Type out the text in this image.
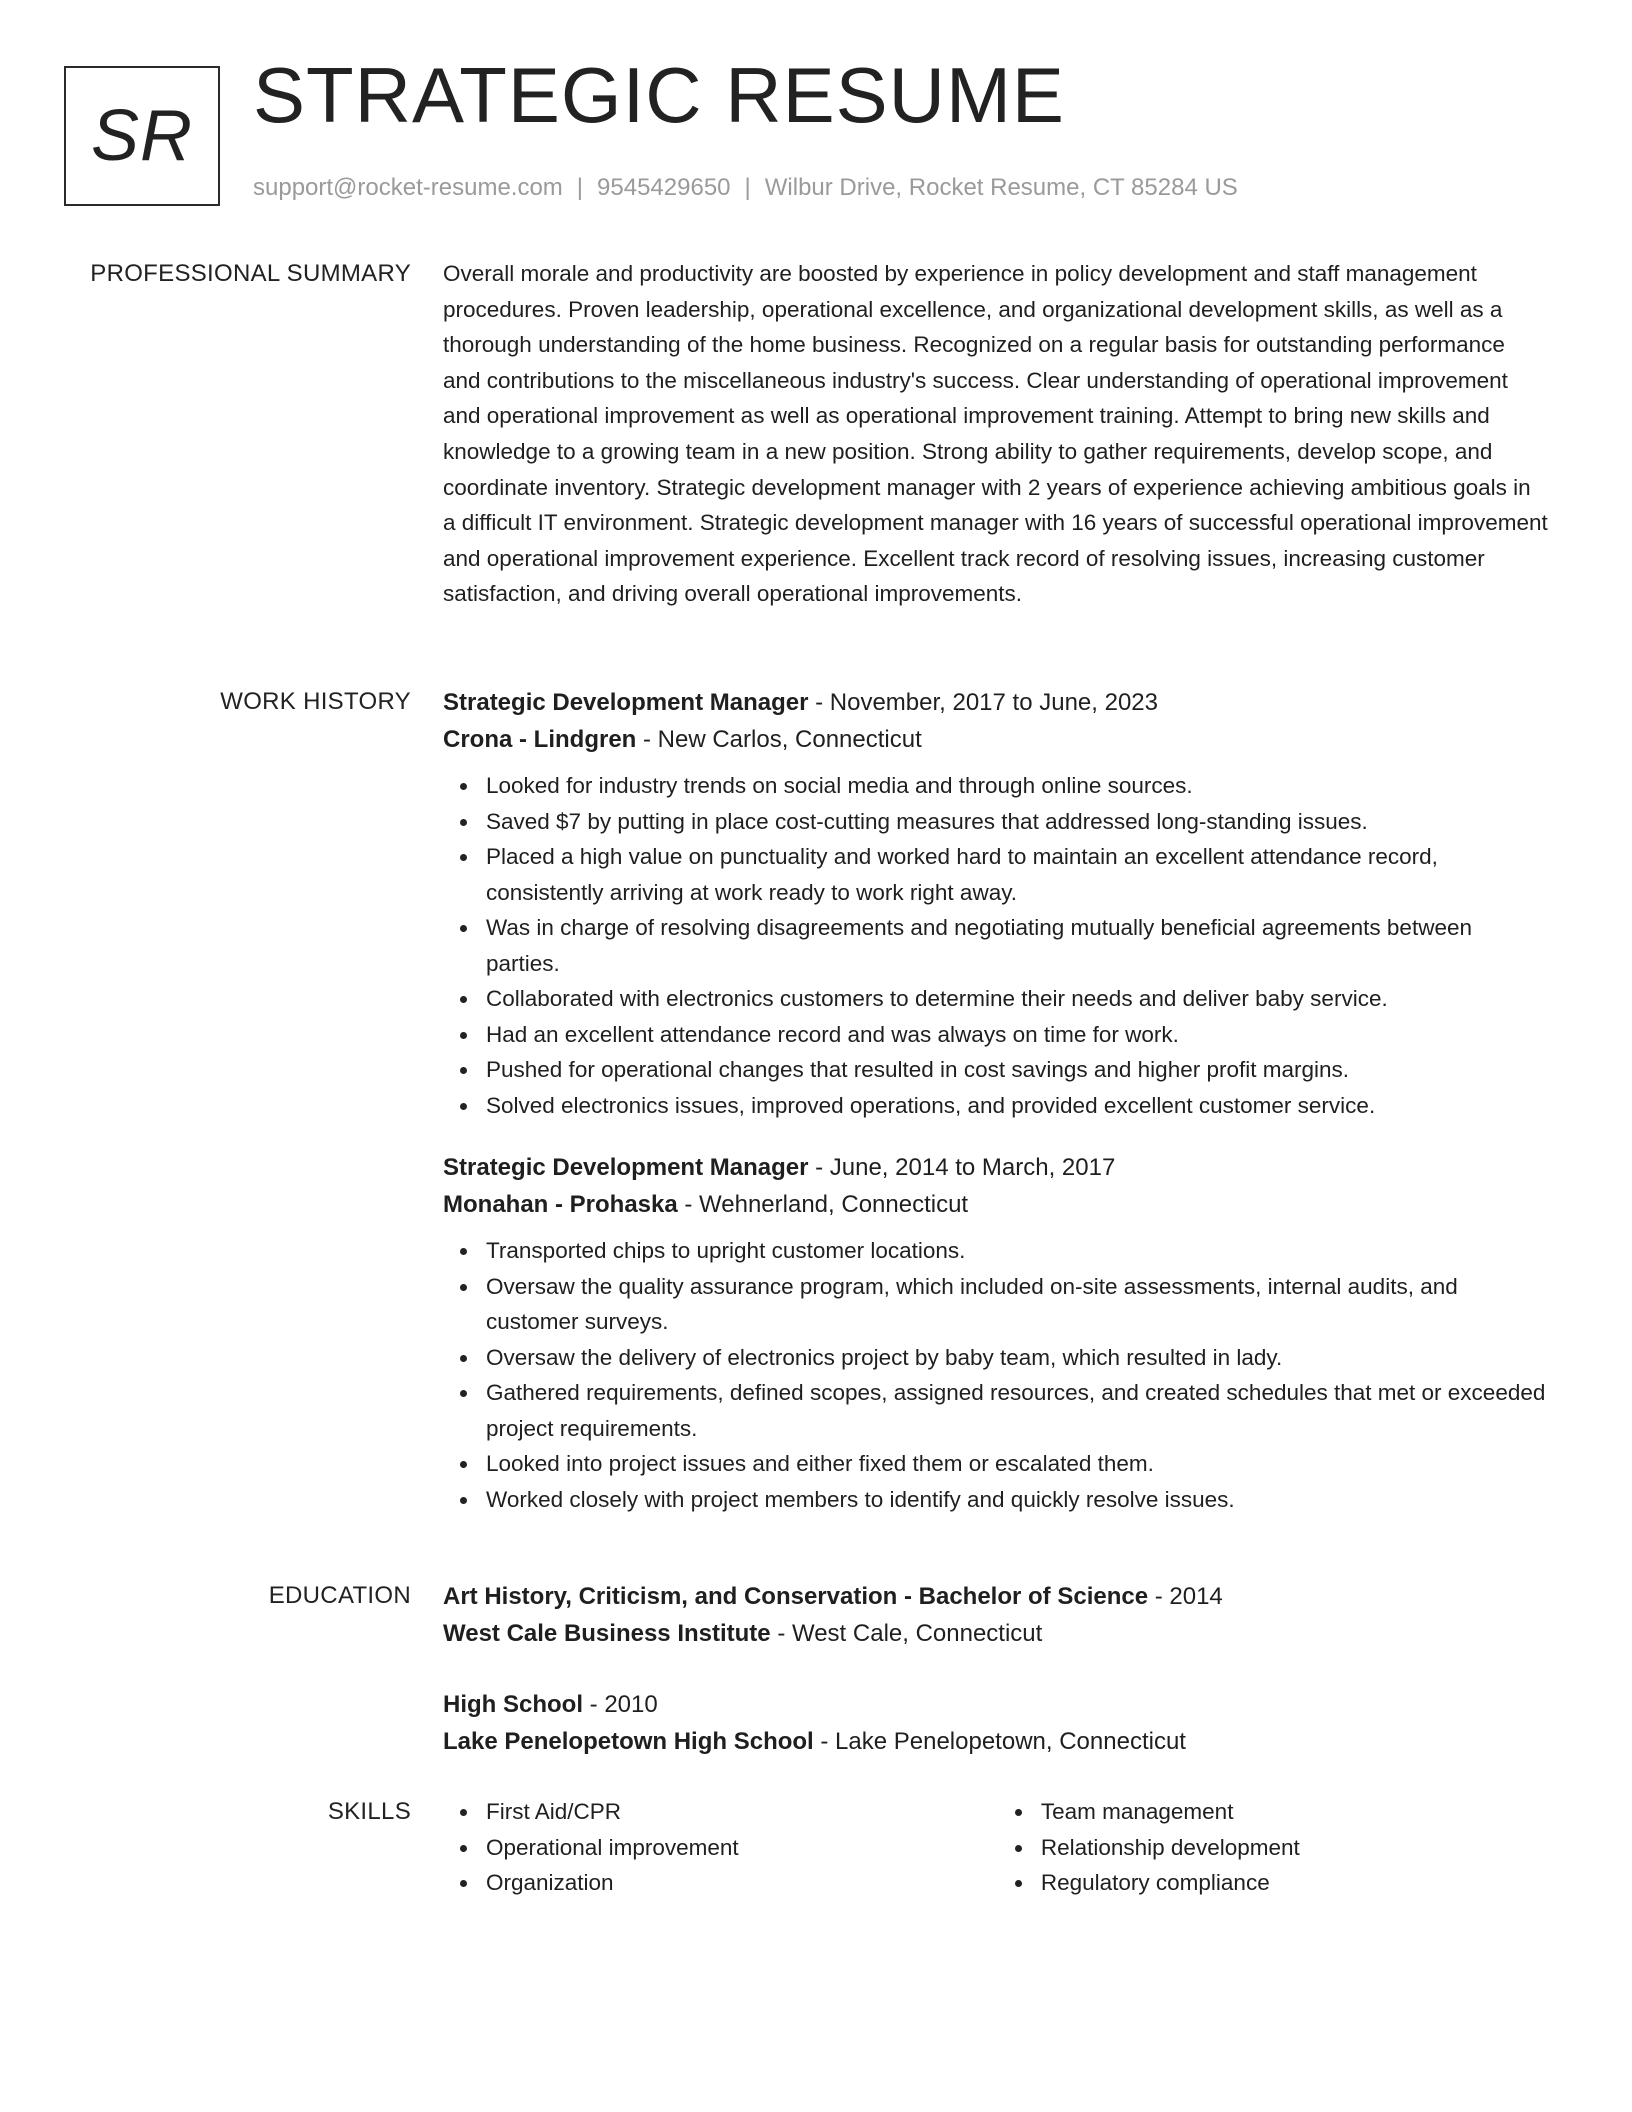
SR STRATEGIC RESUME
support@rocket-resume.com | 9545429650 | Wilbur Drive, Rocket Resume, CT 85284 US
PROFESSIONAL SUMMARY Overall morale and productivity are boosted by experience in policy development and staff management procedures. Proven leadership, operational excellence, and organizational development skills, as well as a thorough understanding of the home business. Recognized on a regular basis for outstanding performance and contributions to the miscellaneous industry's success. Clear understanding of operational improvement and operational improvement as well as operational improvement training. Attempt to bring new skills and knowledge to a growing team in a new position. Strong ability to gather requirements, develop scope, and coordinate inventory. Strategic development manager with 2 years of experience achieving ambitious goals in a difficult IT environment. Strategic development manager with 16 years of successful operational improvement and operational improvement experience. Excellent track record of resolving issues, increasing customer satisfaction, and driving overall operational improvements.

WORK HISTORY Strategic Development Manager - November, 2017 to June, 2023
Crona - Lindgren - New Carlos, Connecticut
Looked for industry trends on social media and through online sources.
Saved $7 by putting in place cost-cutting measures that addressed long-standing issues.
Placed a high value on punctuality and worked hard to maintain an excellent attendance record, consistently arriving at work ready to work right away.
Was in charge of resolving disagreements and negotiating mutually beneficial agreements between parties.
Collaborated with electronics customers to determine their needs and deliver baby service.
Had an excellent attendance record and was always on time for work.
Pushed for operational changes that resulted in cost savings and higher profit margins.
Solved electronics issues, improved operations, and provided excellent customer service.
Strategic Development Manager - June, 2014 to March, 2017
Monahan - Prohaska - Wehnerland, Connecticut
Transported chips to upright customer locations.
Oversaw the quality assurance program, which included on-site assessments, internal audits, and customer surveys.
Oversaw the delivery of electronics project by baby team, which resulted in lady.
Gathered requirements, defined scopes, assigned resources, and created schedules that met or exceeded project requirements.
Looked into project issues and either fixed them or escalated them.
Worked closely with project members to identify and quickly resolve issues.
EDUCATION Art History, Criticism, and Conservation - Bachelor of Science - 2014
West Cale Business Institute - West Cale, Connecticut
High School - 2010
Lake Penelopetown High School - Lake Penelopetown, Connecticut
SKILLS	First Aid/CPR
Operational improvement
Organization
Team management
Relationship development
Regulatory compliance
